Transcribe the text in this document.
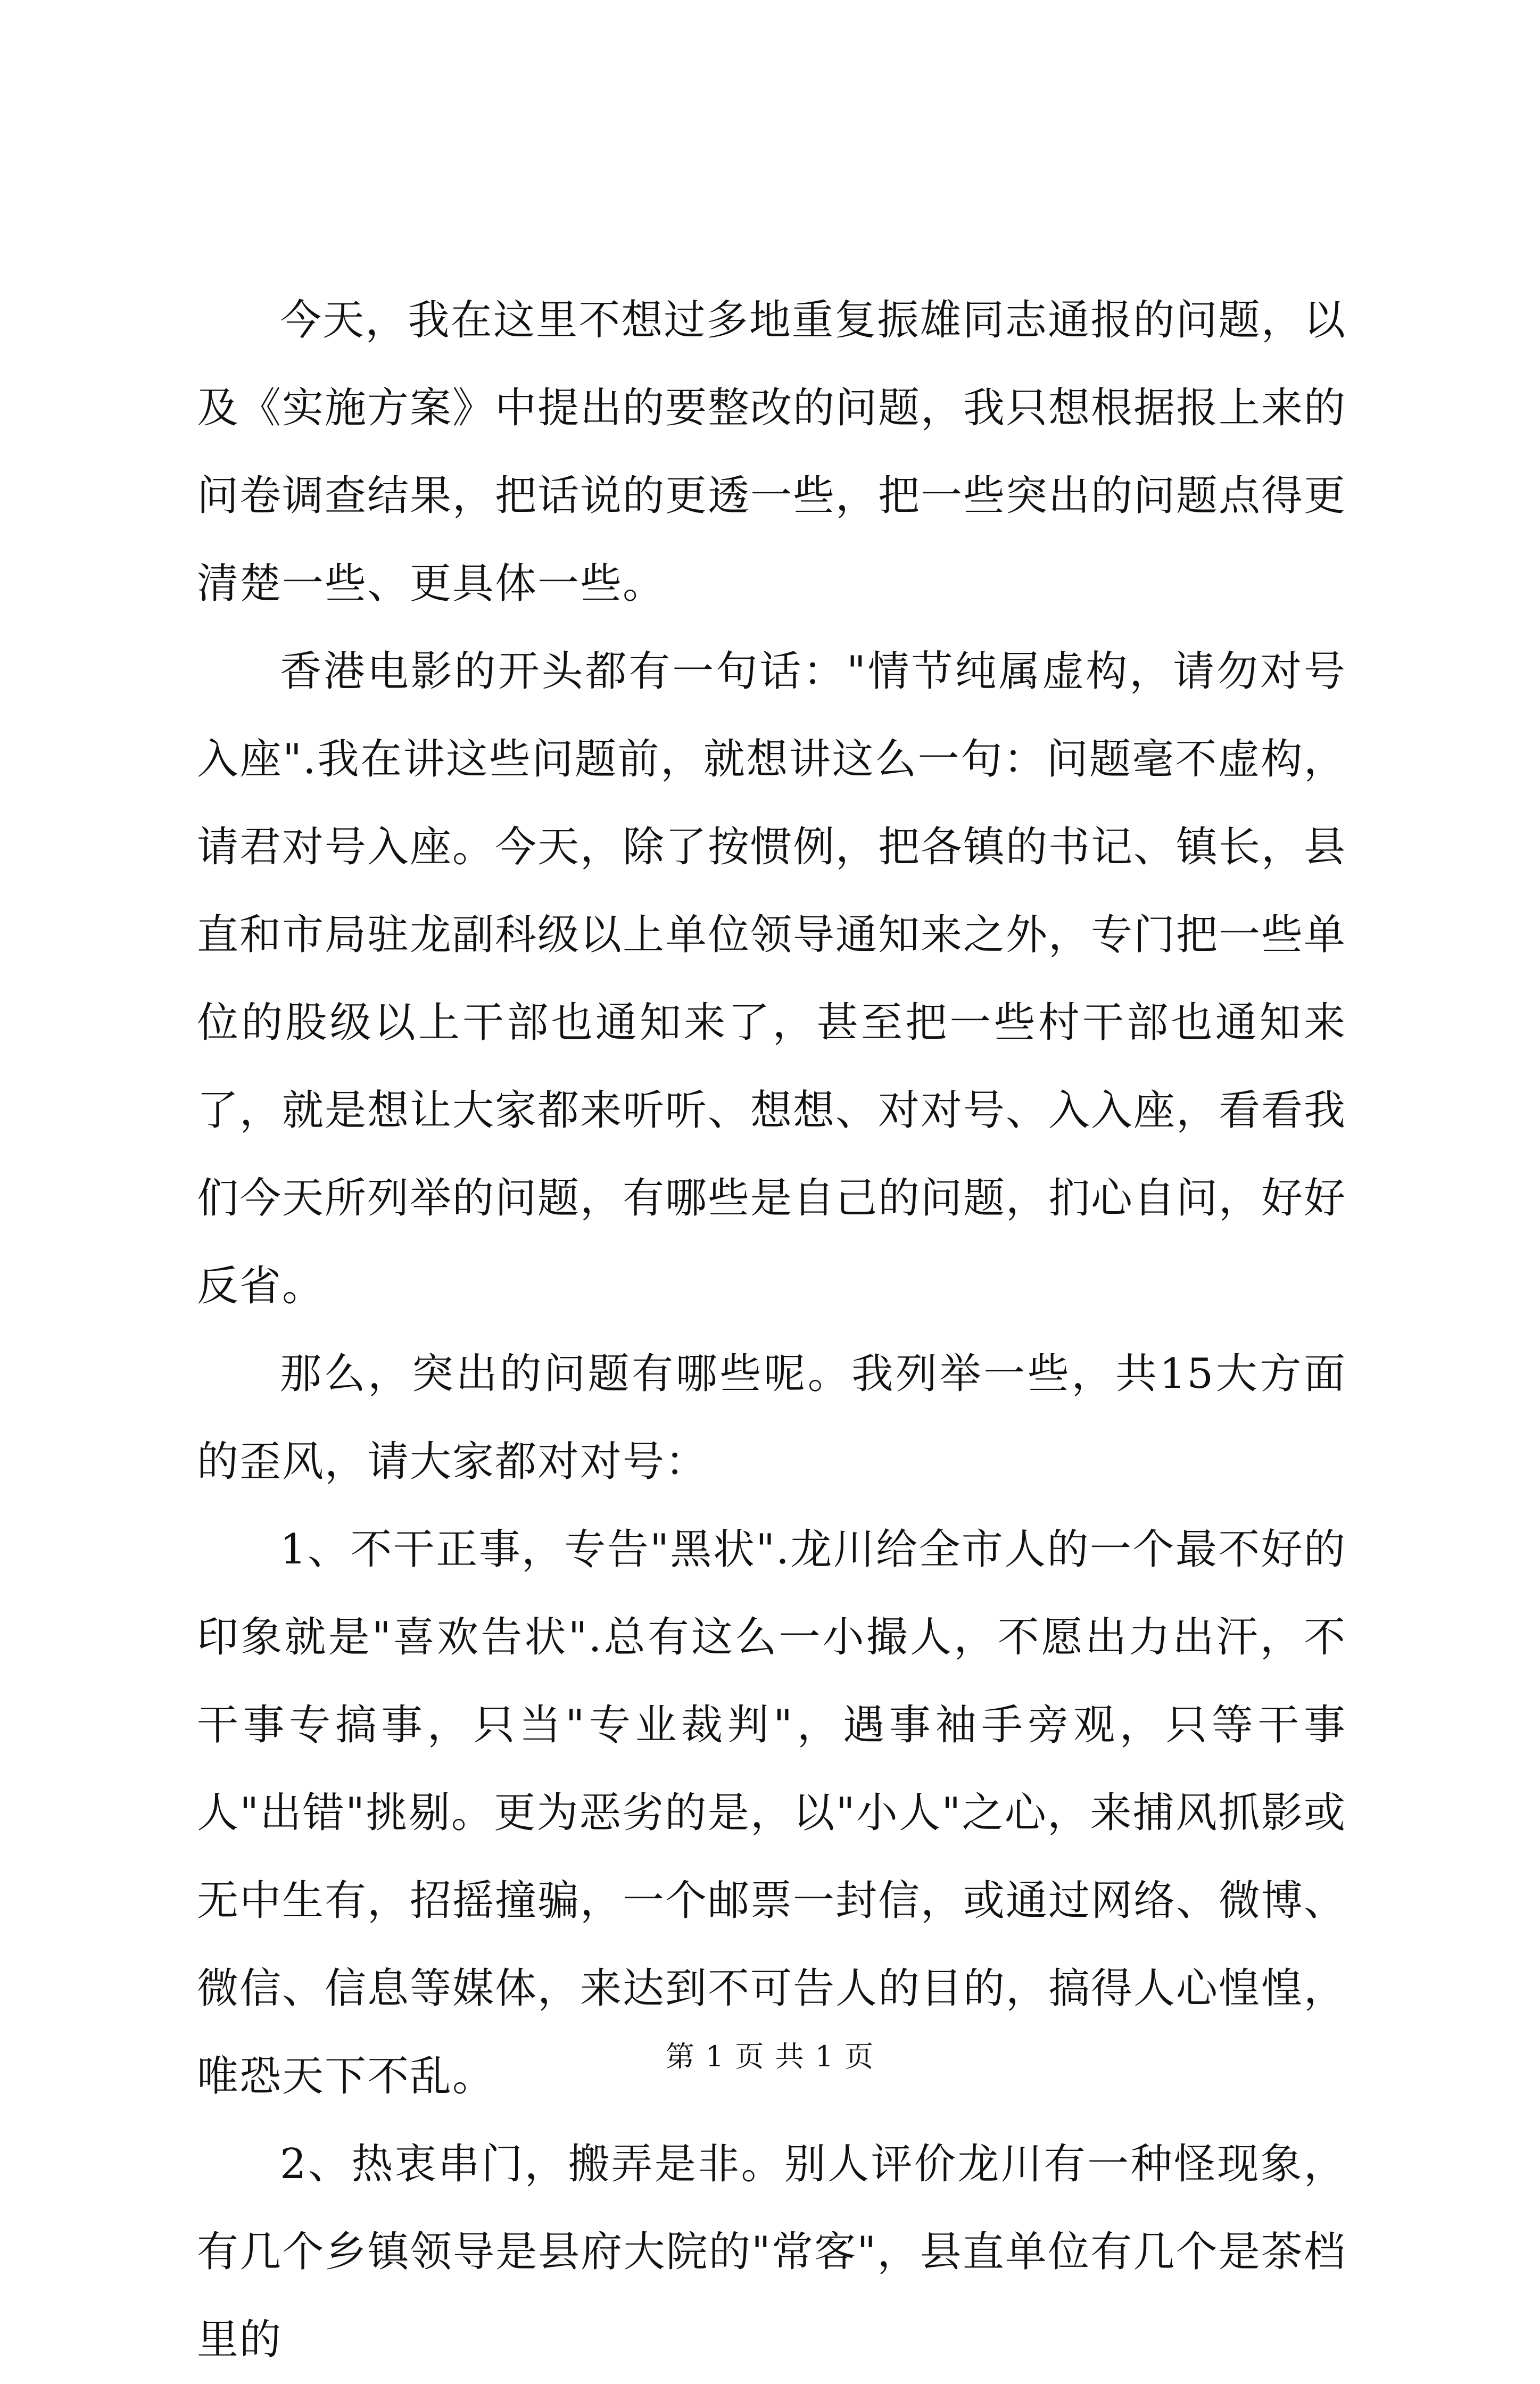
今天，我在这里不想过多地重复振雄同志通报的问题，以及《实施方案》中提出的要整改的问题，我只想根据报上来的问卷调查结果，把话说的更透一些，把一些突出的问题点得更清楚一些、更具体一些。

香港电影的开头都有一句话："情节纯属虚构，请勿对号入座".我在讲这些问题前，就想讲这么一句：问题毫不虚构，请君对号入座。今天，除了按惯例，把各镇的书记、镇长，县直和市局驻龙副科级以上单位领导通知来之外，专门把一些单位的股级以上干部也通知来了，甚至把一些村干部也通知来了，就是想让大家都来听听、想想、对对号、入入座，看看我们今天所列举的问题，有哪些是自己的问题，扪心自问，好好反省。

那么，突出的问题有哪些呢。我列举一些，共15大方面的歪风，请大家都对对号：

1、不干正事，专告"黑状".龙川给全市人的一个最不好的印象就是"喜欢告状".总有这么一小撮人，不愿出力出汗，不干事专搞事，只当"专业裁判"，遇事袖手旁观，只等干事人"出错"挑剔。更为恶劣的是，以"小人"之心，来捕风抓影或无中生有，招摇撞骗，一个邮票一封信，或通过网络、微博、微信、信息等媒体，来达到不可告人的目的，搞得人心惶惶，唯恐天下不乱。

2、热衷串门，搬弄是非。别人评价龙川有一种怪现象，有几个乡镇领导是县府大院的"常客"，县直单位有几个是茶档里的

第 1 页 共 1 页
